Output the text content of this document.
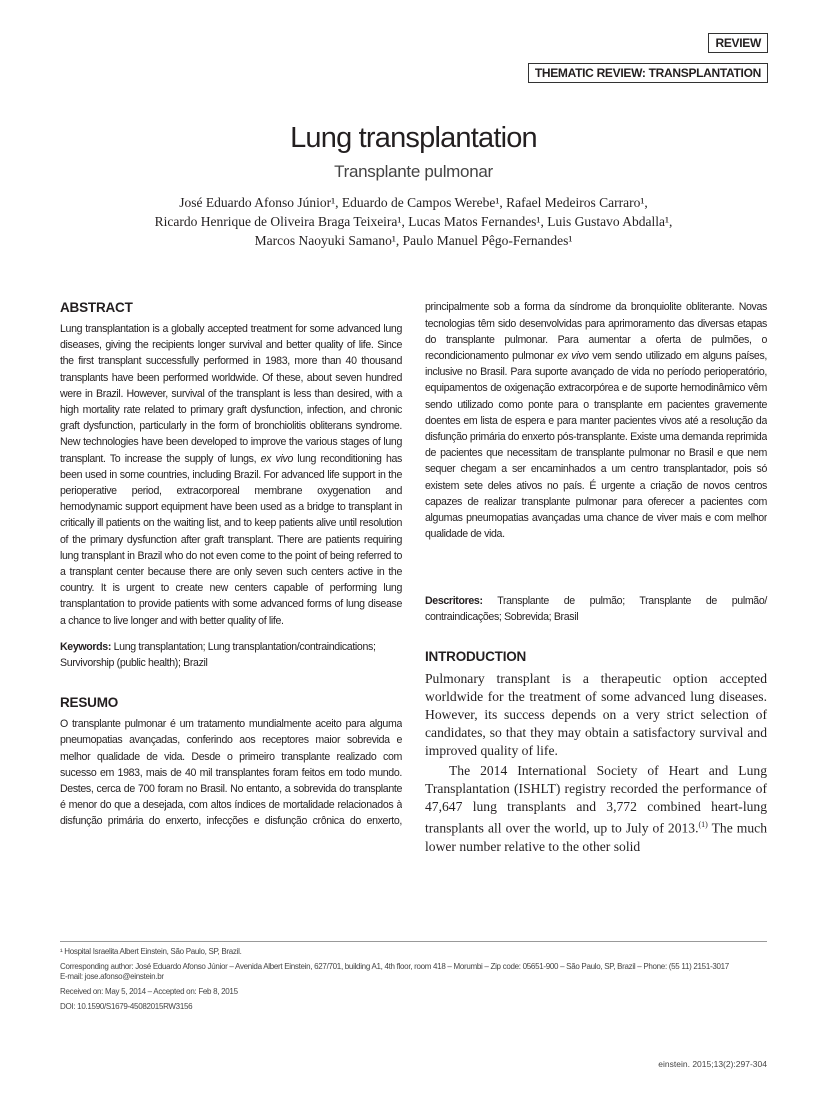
REVIEW
THEMATIC REVIEW: TRANSPLANTATION
Lung transplantation
Transplante pulmonar
José Eduardo Afonso Júnior¹, Eduardo de Campos Werebe¹, Rafael Medeiros Carraro¹,
Ricardo Henrique de Oliveira Braga Teixeira¹, Lucas Matos Fernandes¹, Luis Gustavo Abdalla¹,
Marcos Naoyuki Samano¹, Paulo Manuel Pêgo-Fernandes¹
ABSTRACT

Lung transplantation is a globally accepted treatment for some advanced lung diseases, giving the recipients longer survival and better quality of life. Since the first transplant successfully performed in 1983, more than 40 thousand transplants have been performed worldwide. Of these, about seven hundred were in Brazil. However, survival of the transplant is less than desired, with a high mortality rate related to primary graft dysfunction, infection, and chronic graft dysfunction, particularly in the form of bronchiolitis obliterans syndrome. New technologies have been developed to improve the various stages of lung transplant. To increase the supply of lungs, ex vivo lung reconditioning has been used in some countries, including Brazil. For advanced life support in the perioperative period, extracorporeal membrane oxygenation and hemodynamic support equipment have been used as a bridge to transplant in critically ill patients on the waiting list, and to keep patients alive until resolution of the primary dysfunction after graft transplant. There are patients requiring lung transplant in Brazil who do not even come to the point of being referred to a transplant center because there are only seven such centers active in the country. It is urgent to create new centers capable of performing lung transplantation to provide patients with some advanced forms of lung disease a chance to live longer and with better quality of life.

Keywords: Lung transplantation; Lung transplantation/contraindications; Survivorship (public health); Brazil

RESUMO

O transplante pulmonar é um tratamento mundialmente aceito para alguma pneumopatias avançadas, conferindo aos receptores maior sobrevida e melhor qualidade de vida. Desde o primeiro transplante realizado com sucesso em 1983, mais de 40 mil transplantes foram feitos em todo mundo. Destes, cerca de 700 foram no Brasil. No entanto, a sobrevida do transplante é menor do que a desejada, com altos índices de mortalidade relacionados à disfunção primária do enxerto, infecções e disfunção crônica do enxerto,

principalmente sob a forma da síndrome da bronquiolite obliterante. Novas tecnologias têm sido desenvolvidas para aprimoramento das diversas etapas do transplante pulmonar. Para aumentar a oferta de pulmões, o recondicionamento pulmonar ex vivo vem sendo utilizado em alguns países, inclusive no Brasil. Para suporte avançado de vida no período perioperatório, equipamentos de oxigenação extracorpórea e de suporte hemodinâmico vêm sendo utilizado como ponte para o transplante em pacientes gravemente doentes em lista de espera e para manter pacientes vivos até a resolução da disfunção primária do enxerto pós-transplante. Existe uma demanda reprimida de pacientes que necessitam de transplante pulmonar no Brasil e que nem sequer chegam a ser encaminhados a um centro transplantador, pois só existem sete deles ativos no país. É urgente a criação de novos centros capazes de realizar transplante pulmonar para oferecer a pacientes com algumas pneumopatias avançadas uma chance de viver mais e com melhor qualidade de vida.

Descritores: Transplante de pulmão; Transplante de pulmão/ contraindicações; Sobrevida; Brasil

INTRODUCTION

Pulmonary transplant is a therapeutic option accepted worldwide for the treatment of some advanced lung diseases. However, its success depends on a very strict selection of candidates, so that they may obtain a satisfactory survival and improved quality of life.

The 2014 International Society of Heart and Lung Transplantation (ISHLT) registry recorded the performance of 47,647 lung transplants and 3,772 combined heart-lung transplants all over the world, up to July of 2013.$^{(1)}$ The much lower number relative to the other solid

¹ Hospital Israelita Albert Einstein, São Paulo, SP, Brazil.
Corresponding author: José Eduardo Afonso Júnior – Avenida Albert Einstein, 627/701, building A1, 4th floor, room 418 – Morumbi – Zip code: 05651-900 – São Paulo, SP, Brazil – Phone: (55 11) 2151-3017
E-mail: jose.afonso@einstein.br
Received on: May 5, 2014 – Accepted on: Feb 8, 2015
DOI: 10.1590/S1679-45082015RW3156
einstein. 2015;13(2):297-304
